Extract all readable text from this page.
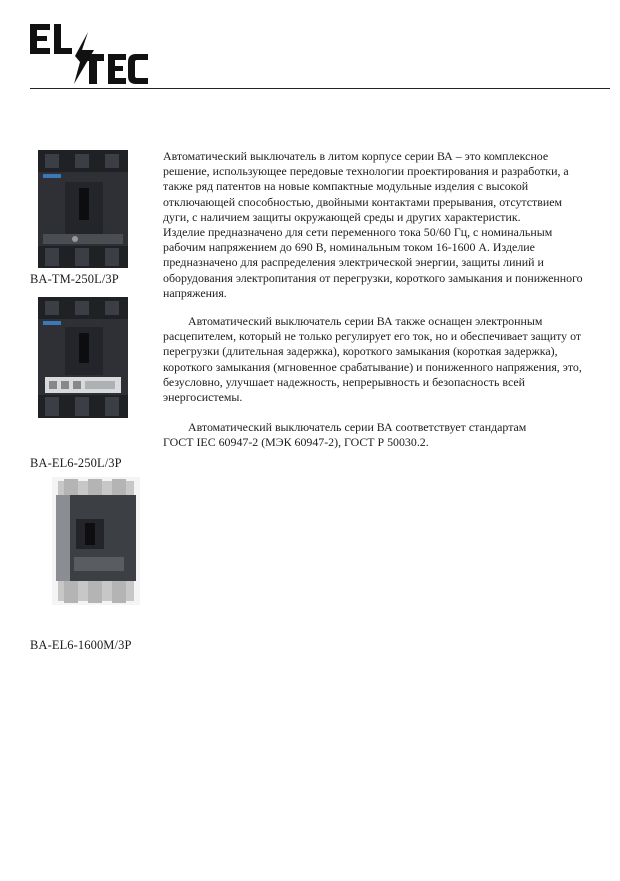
BA-TM-250L/3P
BA-EL6-250L/3P
BA-EL6-1600M/3P
Автоматический выключатель в литом корпусе серии ВА – это комплексное
решение, использующее передовые технологии проектирования и разработки, а
также ряд патентов на новые компактные модульные изделия с высокой
отключающей способностью, двойными контактами прерывания, отсутствием
дуги, с наличием защиты окружающей среды и других характеристик.
Изделие предназначено для сети переменного тока 50/60 Гц, с номинальным
рабочим напряжением до 690 В, номинальным током 16-1600 А. Изделие
предназначено для распределения электрической энергии, защиты линий и
оборудования электропитания от перегрузки, короткого замыкания и пониженного
напряжения.
Автоматический выключатель серии ВА также оснащен электронным
расцепителем, который не только регулирует его ток, но и обеспечивает защиту от
перегрузки (длительная задержка), короткого замыкания (короткая задержка),
короткого замыкания (мгновенное срабатывание) и пониженного напряжения, это,
безусловно, улучшает надежность, непрерывность и безопасность всей
энергосистемы.
Автоматический выключатель серии ВА соответствует стандартам
ГОСТ IEC 60947-2 (МЭК 60947-2), ГОСТ Р 50030.2.
